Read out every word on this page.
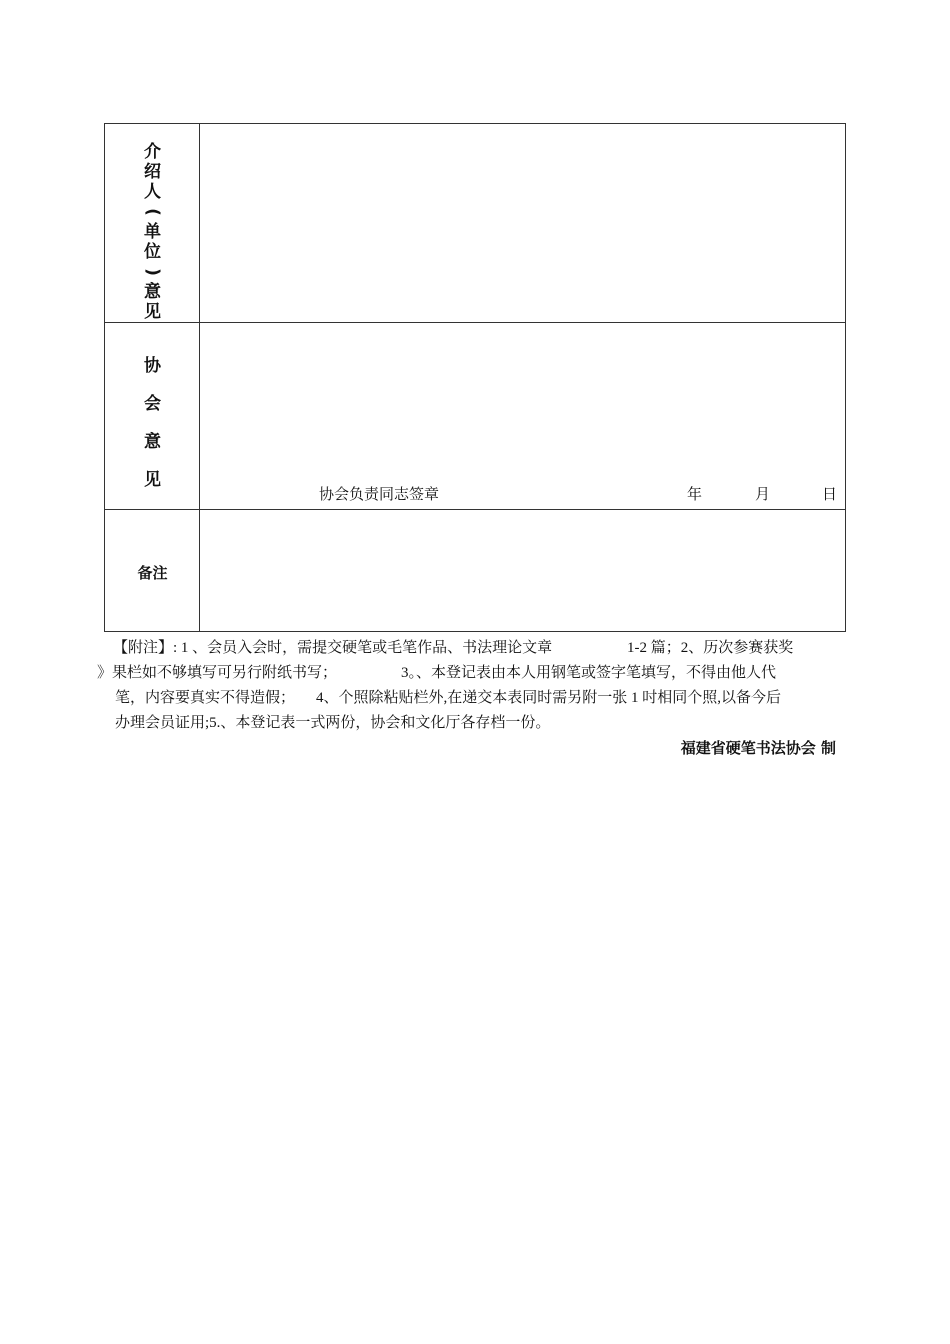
介
绍
人
(
单
位
)
意
见
协
会
意
见
协会负责同志签章	年	月	日
备注
【附注】: 1 、会员入会时，需提交硬笔或毛笔作品、书法理论文章	1-2 篇；2、历次参赛获奖
》果栏如不够填写可另行附纸书写；	3。、本登记表由本人用钢笔或签字笔填写，不得由他人代
笔，内容要真实不得造假； 4、个照除粘贴栏外,在递交本表同时需另附一张 1 吋相同个照,以备今后
办理会员证用;5.、本登记表一式两份，协会和文化厅各存档一份。
福建省硬笔书法协会 制
